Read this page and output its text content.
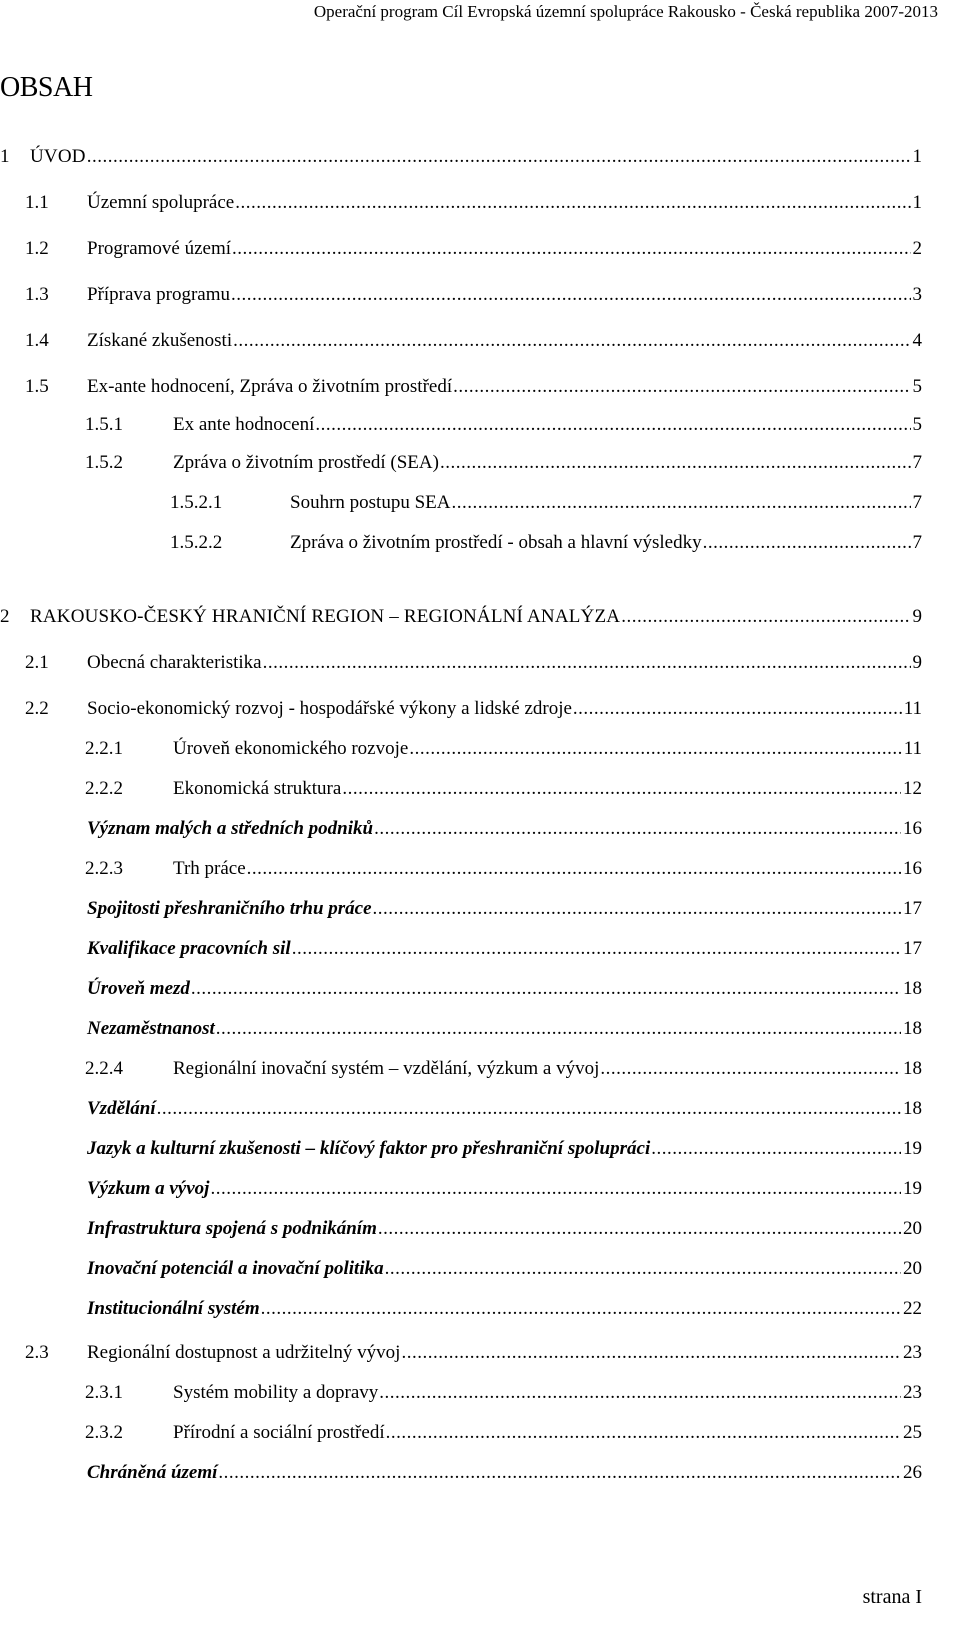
Operační program Cíl Evropská územní spolupráce Rakousko - Česká republika 2007-2013
OBSAH
1 ÚVOD .....	1
1.1 Územní spolupráce .....	1
1.2 Programové území .....	2
1.3 Příprava programu .....	3
1.4 Získané zkušenosti .....	4
1.5 Ex-ante hodnocení, Zpráva o životním prostředí .....	5
1.5.1	Ex ante hodnocení .....	5
1.5.2	Zpráva o životním prostředí (SEA) .....	7
1.5.2.1	Souhrn postupu SEA .....	7
1.5.2.2	Zpráva o životním prostředí - obsah a hlavní výsledky .....	7
2 RAKOUSKO-ČESKÝ HRANIČNÍ REGION – REGIONÁLNÍ ANALÝZA .....	9
2.1 Obecná charakteristika .....	9
2.2 Socio-ekonomický rozvoj - hospodářské výkony a lidské zdroje .....	11
2.2.1	Úroveň ekonomického rozvoje .....	11
2.2.2	Ekonomická struktura .....	12
Význam malých a středních podniků .....	16
2.2.3	Trh práce .....	16
Spojitosti přeshraničního trhu práce .....	17
Kvalifikace pracovních sil .....	17
Úroveň mezd .....	18
Nezaměstnanost .....	18
2.2.4	Regionální inovační systém – vzdělání, výzkum a vývoj .....	18
Vzdělání .....	18
Jazyk a kulturní zkušenosti – klíčový faktor pro přeshraniční spolupráci .....	19
Výzkum a vývoj .....	19
Infrastruktura spojená s podnikáním .....	20
Inovační potenciál a inovační politika .....	20
Institucionální systém .....	22
2.3 Regionální dostupnost a udržitelný vývoj .....	23
2.3.1	Systém mobility a dopravy .....	23
2.3.2	Přírodní a sociální prostředí .....	25
Chráněná území .....	26
strana I
